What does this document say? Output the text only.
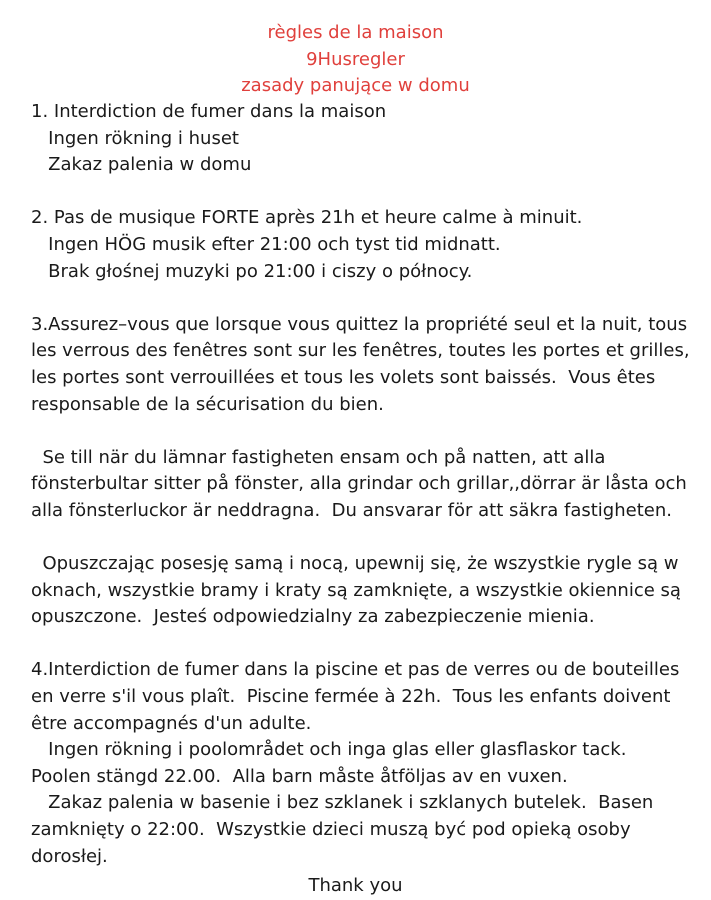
règles de la maison
9Husregler
zasady panujące w domu
1. Interdiction de fumer dans la maison
Ingen rökning i huset
Zakaz palenia w domu
2. Pas de musique FORTE après 21h et heure calme à minuit.
Ingen HÖG musik efter 21:00 och tyst tid midnatt.
Brak głośnej muzyki po 21:00 i ciszy o północy.
3.Assurez–vous que lorsque vous quittez la propriété seul et la nuit, tous
les verrous des fenêtres sont sur les fenêtres, toutes les portes et grilles,
les portes sont verrouillées et tous les volets sont baissés.  Vous êtes
responsable de la sécurisation du bien.
Se till när du lämnar fastigheten ensam och på natten, att alla
fönsterbultar sitter på fönster, alla grindar och grillar,,dörrar är låsta och
alla fönsterluckor är neddragna.  Du ansvarar för att säkra fastigheten.
Opuszczając posesję samą i nocą, upewnij się, że wszystkie rygle są w
oknach, wszystkie bramy i kraty są zamknięte, a wszystkie okiennice są
opuszczone.  Jesteś odpowiedzialny za zabezpieczenie mienia.
4.Interdiction de fumer dans la piscine et pas de verres ou de bouteilles
en verre s'il vous plaît.  Piscine fermée à 22h.  Tous les enfants doivent
être accompagnés d'un adulte.
Ingen rökning i poolområdet och inga glas eller glasflaskor tack.
Poolen stängd 22.00.  Alla barn måste åtföljas av en vuxen.
Zakaz palenia w basenie i bez szklanek i szklanych butelek.  Basen
zamknięty o 22:00.  Wszystkie dzieci muszą być pod opieką osoby
dorosłej.
Thank you
